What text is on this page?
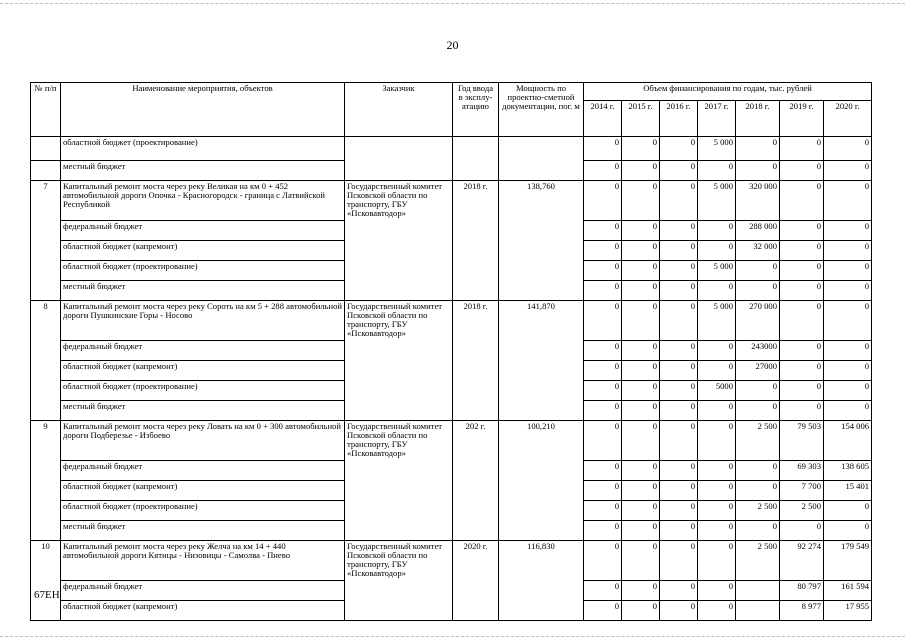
20
№ п/п	Наименование мероприятия, объектов	Заказчик	Год ввода в эксплу-атацию	Мощность по проектно-сметной документации, пог. м	Объем финансирования по годам, тыс. рублей						
					2014 г.	2015 г.	2016 г.	2017 г.	2018 г.	2019 г.	2020 г.
	областной бюджет (проектирование)				0	0	0	5 000	0	0	0
	местный бюджет				0	0	0	0	0	0	0
7	Капитальный ремонт моста через реку Великая на км 0 + 452 автомобильной дороги Опочка - Красногородск - граница с Латвийской Республикой	Государственный комитет Псковской области по транспорту, ГБУ «Псковавтодор»	2018 г.	138,760	0	0	0	5 000	320 000	0	0
	федеральный бюджет				0	0	0	0	288 000	0	0
	областной бюджет (капремонт)				0	0	0	0	32 000	0	0
	областной бюджет (проектирование)				0	0	0	5 000	0	0	0
	местный бюджет				0	0	0	0	0	0	0
8	Капитальный ремонт моста через реку Сороть на км 5 + 288 автомобильной дороги Пушкинские Горы - Носово	Государственный комитет Псковской области по транспорту, ГБУ «Псковавтодор»	2018 г.	141,870	0	0	0	5 000	270 000	0	0
	федеральный бюджет				0	0	0	0	243000	0	0
	областной бюджет (капремонт)				0	0	0	0	27000	0	0
	областной бюджет (проектирование)				0	0	0	5000	0	0	0
	местный бюджет				0	0	0	0	0	0	0
9	Капитальный ремонт моста через реку Ловать на км 0 + 300 автомобильной дороги Подберезье - Избоево	Государственный комитет Псковской области по транспорту, ГБУ «Псковавтодор»	202 г.	100,210	0	0	0	0	2 500	79 503	154 006
	федеральный бюджет				0	0	0	0	0	69 303	138 605
	областной бюджет (капремонт)				0	0	0	0	0	7 700	15 401
	областной бюджет (проектирование)				0	0	0	0	2 500	2 500	0
	местный бюджет				0	0	0	0	0	0	0
10	Капитальный ремонт моста через реку Желча на км 14 + 440 автомобильной дороги Кятицы - Низовицы - Самолва - Пнево	Государственный комитет Псковской области по транспорту, ГБУ «Псковавтодор»	2020 г.	116,830	0	0	0	0	2 500	92 274	179 549
	федеральный бюджет				0	0	0	0		80 797	161 594
	областной бюджет (капремонт)				0	0	0	0		8 977	17 955
67ЕН
